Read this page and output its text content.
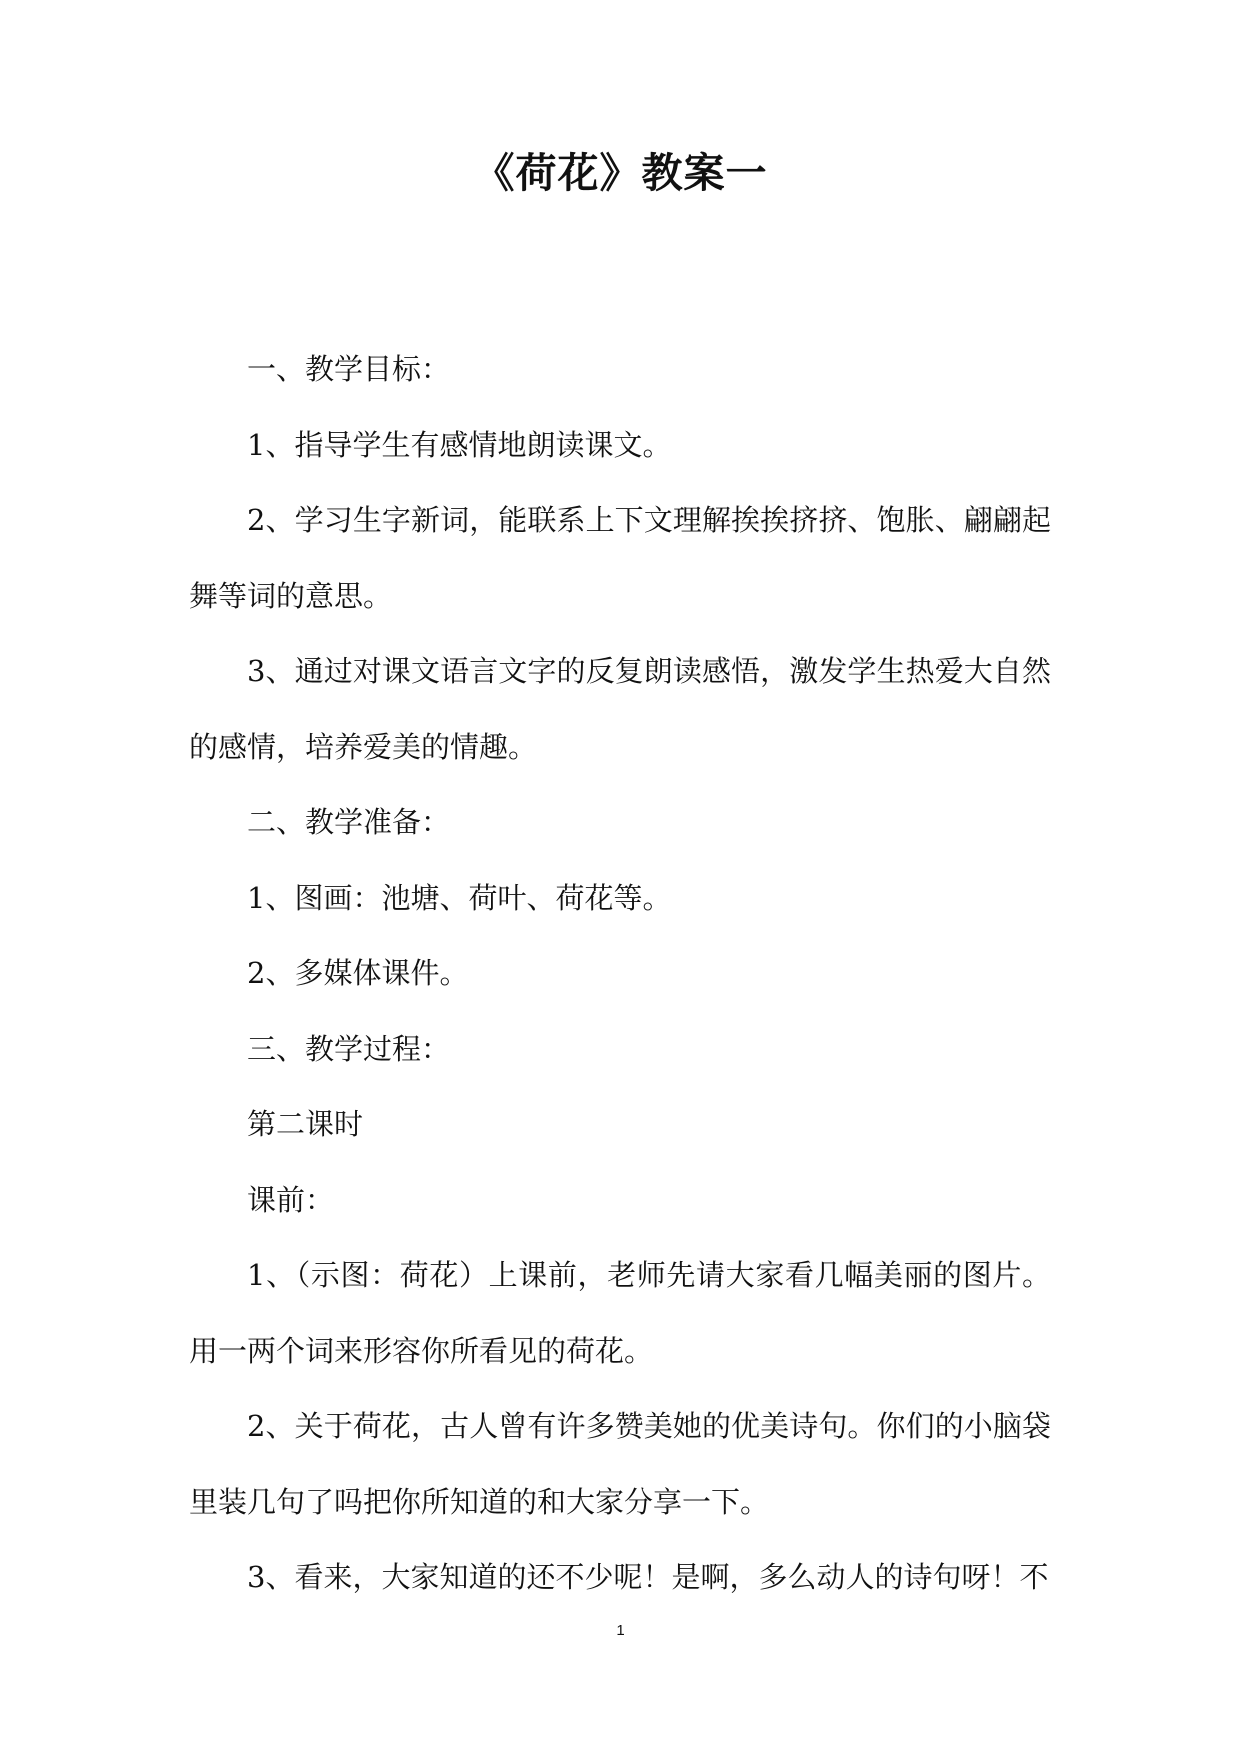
《荷花》教案一

一、教学目标：

1、指导学生有感情地朗读课文。

2、学习生字新词，能联系上下文理解挨挨挤挤、饱胀、翩翩起舞等词的意思。

3、通过对课文语言文字的反复朗读感悟，激发学生热爱大自然的感情，培养爱美的情趣。

二、教学准备：

1、图画：池塘、荷叶、荷花等。

2、多媒体课件。

三、教学过程：

第二课时

课前：

1、（示图：荷花）上课前，老师先请大家看几幅美丽的图片。用一两个词来形容你所看见的荷花。

2、关于荷花，古人曾有许多赞美她的优美诗句。你们的小脑袋里装几句了吗把你所知道的和大家分享一下。

3、看来，大家知道的还不少呢！是啊，多么动人的诗句呀！不

1
